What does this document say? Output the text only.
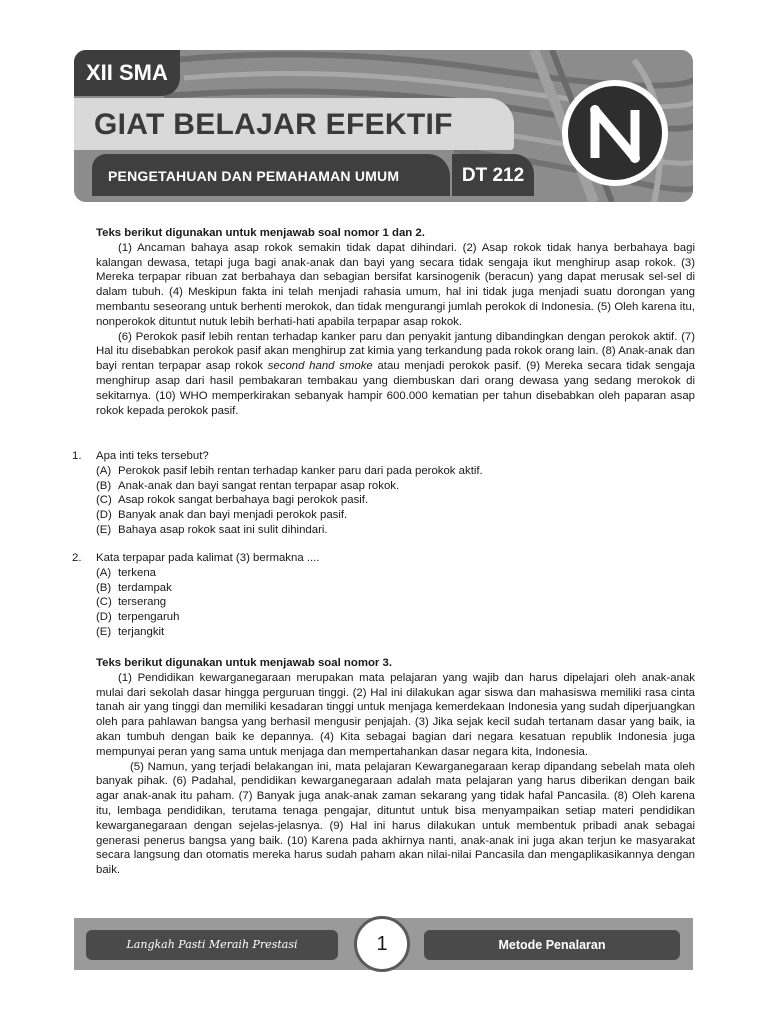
XII SMA
GIAT BELAJAR EFEKTIF
PENGETAHUAN DAN PEMAHAMAN UMUM	DT 212

Teks berikut digunakan untuk menjawab soal nomor 1 dan 2.

(1) Ancaman bahaya asap rokok semakin tidak dapat dihindari. (2) Asap rokok tidak hanya berbahaya bagi kalangan dewasa, tetapi juga bagi anak-anak dan bayi yang secara tidak sengaja ikut menghirup asap rokok. (3) Mereka terpapar ribuan zat berbahaya dan sebagian bersifat karsinogenik (beracun) yang dapat merusak sel-sel di dalam tubuh. (4) Meskipun fakta ini telah menjadi rahasia umum, hal ini tidak juga menjadi suatu dorongan yang membantu seseorang untuk berhenti merokok, dan tidak mengurangi jumlah perokok di Indonesia. (5) Oleh karena itu, nonperokok dituntut nutuk lebih berhati-hati apabila terpapar asap rokok.

(6) Perokok pasif lebih rentan terhadap kanker paru dan penyakit jantung dibandingkan dengan perokok aktif. (7) Hal itu disebabkan perokok pasif akan menghirup zat kimia yang terkandung pada rokok orang lain. (8) Anak-anak dan bayi rentan terpapar asap rokok second hand smoke atau menjadi perokok pasif. (9) Mereka secara tidak sengaja menghirup asap dari hasil pembakaran tembakau yang diembuskan dari orang dewasa yang sedang merokok di sekitarnya. (10) WHO memperkirakan sebanyak hampir 600.000 kematian per tahun disebabkan oleh paparan asap rokok kepada perokok pasif.

1.	Apa inti teks tersebut?
(A) Perokok pasif lebih rentan terhadap kanker paru dari pada perokok aktif.
(B) Anak-anak dan bayi sangat rentan terpapar asap rokok.
(C) Asap rokok sangat berbahaya bagi perokok pasif.
(D) Banyak anak dan bayi menjadi perokok pasif.
(E) Bahaya asap rokok saat ini sulit dihindari.
2.	Kata terpapar pada kalimat (3) bermakna ....
(A) terkena
(B) terdampak
(C) terserang
(D) terpengaruh
(E) terjangkit

Teks berikut digunakan untuk menjawab soal nomor 3.

(1) Pendidikan kewarganegaraan merupakan mata pelajaran yang wajib dan harus dipelajari oleh anak-anak mulai dari sekolah dasar hingga perguruan tinggi. (2) Hal ini dilakukan agar siswa dan mahasiswa memiliki rasa cinta tanah air yang tinggi dan memiliki kesadaran tinggi untuk menjaga kemerdekaan Indonesia yang sudah diperjuangkan oleh para pahlawan bangsa yang berhasil mengusir penjajah. (3) Jika sejak kecil sudah tertanam dasar yang baik, ia akan tumbuh dengan baik ke depannya. (4) Kita sebagai bagian dari negara kesatuan republik Indonesia juga mempunyai peran yang sama untuk menjaga dan mempertahankan dasar negara kita, Indonesia.

(5) Namun, yang terjadi belakangan ini, mata pelajaran Kewarganegaraan kerap dipandang sebelah mata oleh banyak pihak. (6) Padahal, pendidikan kewarganegaraan adalah mata pelajaran yang harus diberikan dengan baik agar anak-anak itu paham. (7) Banyak juga anak-anak zaman sekarang yang tidak hafal Pancasila. (8) Oleh karena itu, lembaga pendidikan, terutama tenaga pengajar, dituntut untuk bisa menyampaikan setiap materi pendidikan kewarganegaraan dengan sejelas-jelasnya. (9) Hal ini harus dilakukan untuk membentuk pribadi anak sebagai generasi penerus bangsa yang baik. (10) Karena pada akhirnya nanti, anak-anak ini juga akan terjun ke masyarakat secara langsung dan otomatis mereka harus sudah paham akan nilai-nilai Pancasila dan mengaplikasikannya dengan baik.

Langkah Pasti Meraih Prestasi	Metode Penalaran
1
